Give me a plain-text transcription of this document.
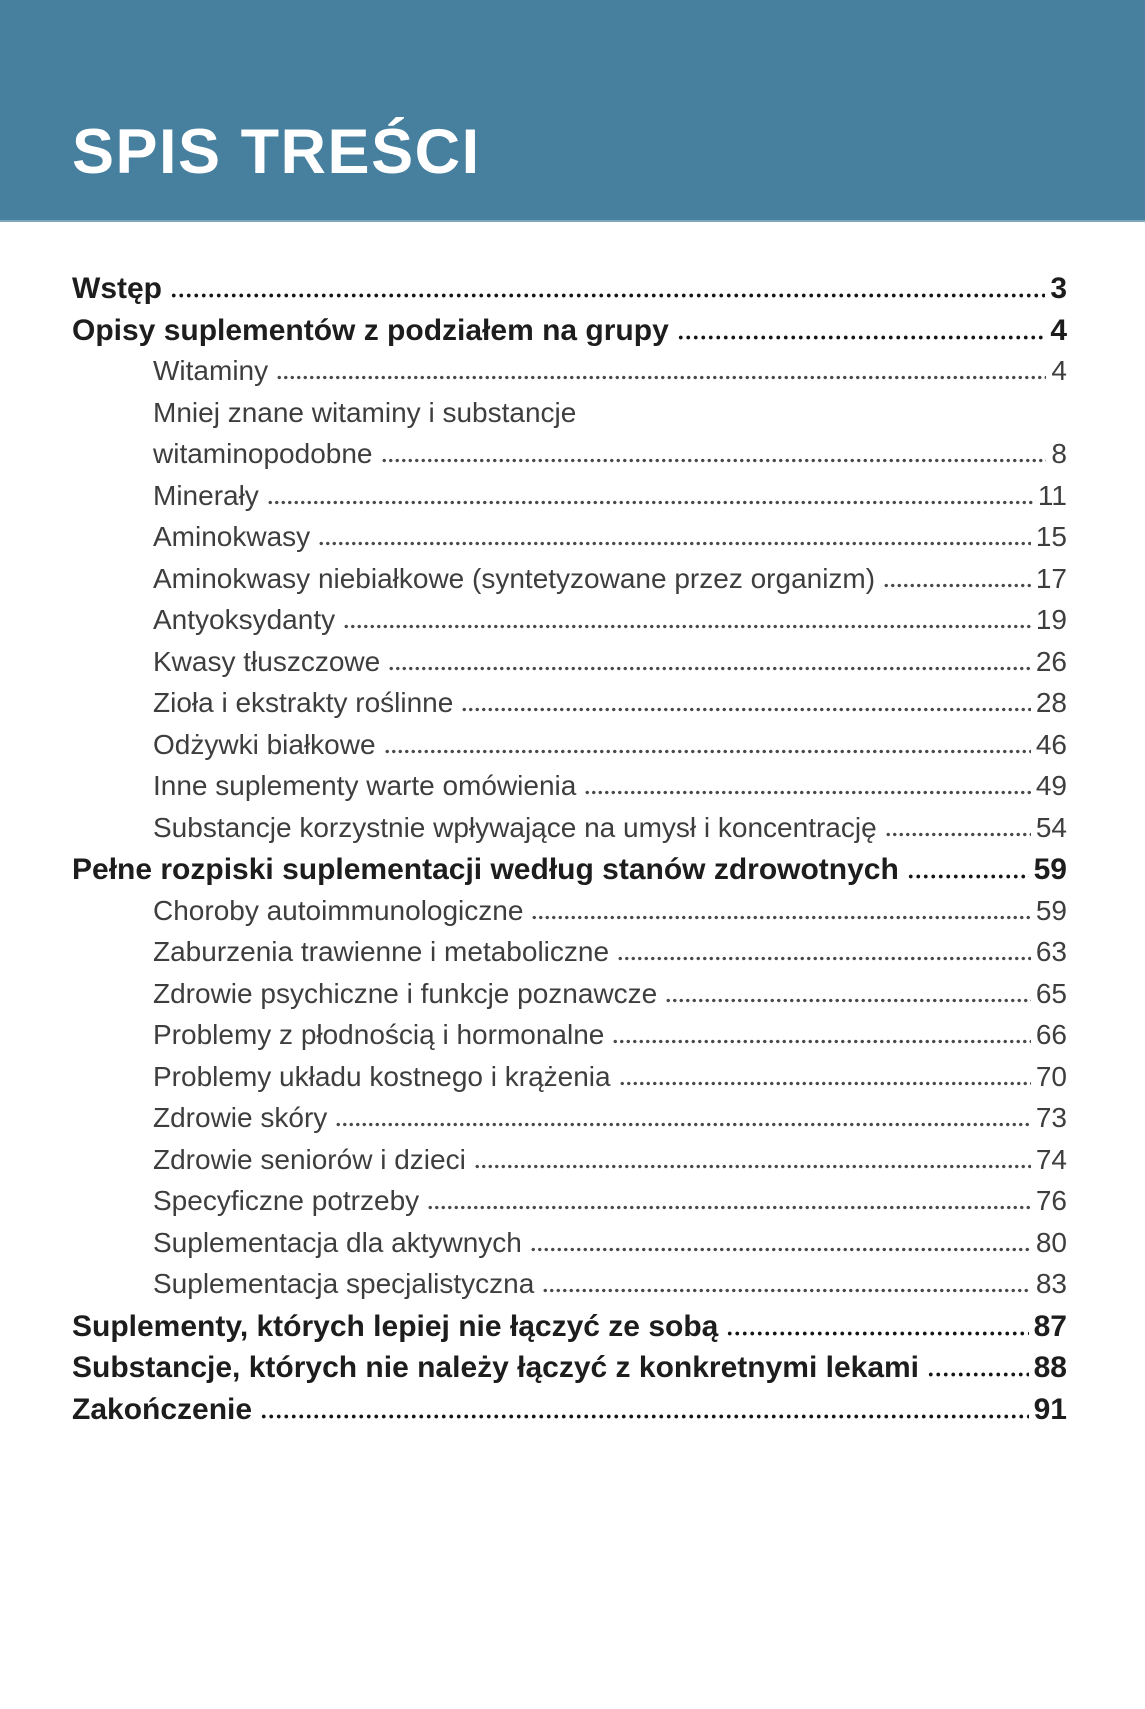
SPIS TREŚCI
Wstęp	3
Opisy suplementów z podziałem na grupy	4
Witaminy	4
Mniej znane witaminy i substancje
witaminopodobne	8
Minerały	11
Aminokwasy	15
Aminokwasy niebiałkowe (syntetyzowane przez organizm)	17
Antyoksydanty	19
Kwasy tłuszczowe	26
Zioła i ekstrakty roślinne	28
Odżywki białkowe	46
Inne suplementy warte omówienia	49
Substancje korzystnie wpływające na umysł i koncentrację	54
Pełne rozpiski suplementacji według stanów zdrowotnych	59
Choroby autoimmunologiczne	59
Zaburzenia trawienne i metaboliczne	63
Zdrowie psychiczne i funkcje poznawcze	65
Problemy z płodnością i hormonalne	66
Problemy układu kostnego i krążenia	70
Zdrowie skóry	73
Zdrowie seniorów i dzieci	74
Specyficzne potrzeby	76
Suplementacja dla aktywnych	80
Suplementacja specjalistyczna	83
Suplementy, których lepiej nie łączyć ze sobą	87
Substancje, których nie należy łączyć z konkretnymi lekami	88
Zakończenie	91
